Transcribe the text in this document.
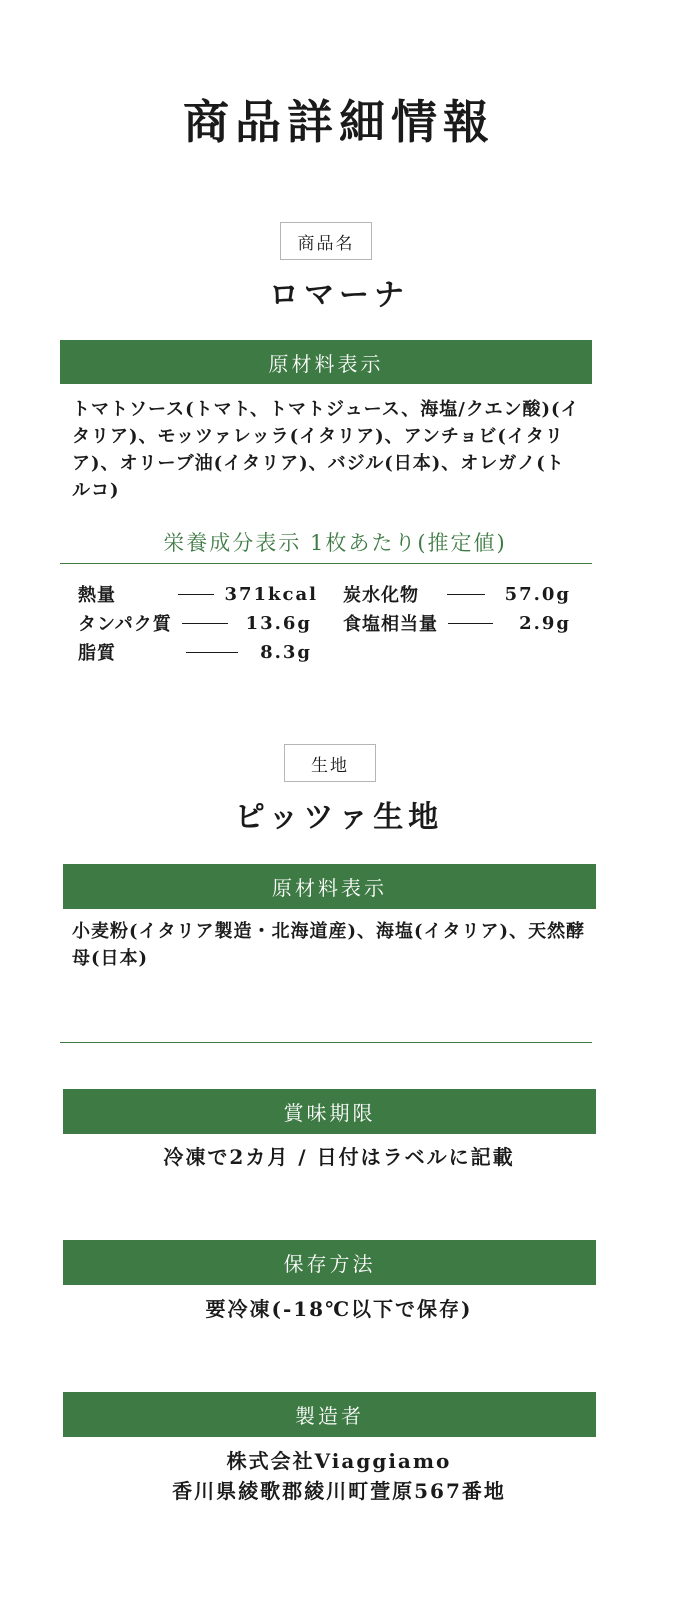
商品詳細情報
商品名
ロマーナ
原材料表示
トマトソース(トマト、トマトジュース、海塩/クエン酸)(イタリア)、モッツァレッラ(イタリア)、アンチョビ(イタリア)、オリーブ油(イタリア)、バジル(日本)、オレガノ(トルコ)
栄養成分表示 1枚あたり(推定値)
熱量	371kcal 炭水化物	57.0g
タンパク質	13.6g 食塩相当量	2.9g
脂質	8.3g
生地
ピッツァ生地
原材料表示
小麦粉(イタリア製造・北海道産)、海塩(イタリア)、天然酵母(日本)
賞味期限
冷凍で2カ月 / 日付はラベルに記載
保存方法
要冷凍(-18℃以下で保存)
製造者
株式会社Viaggiamo
香川県綾歌郡綾川町萱原567番地
